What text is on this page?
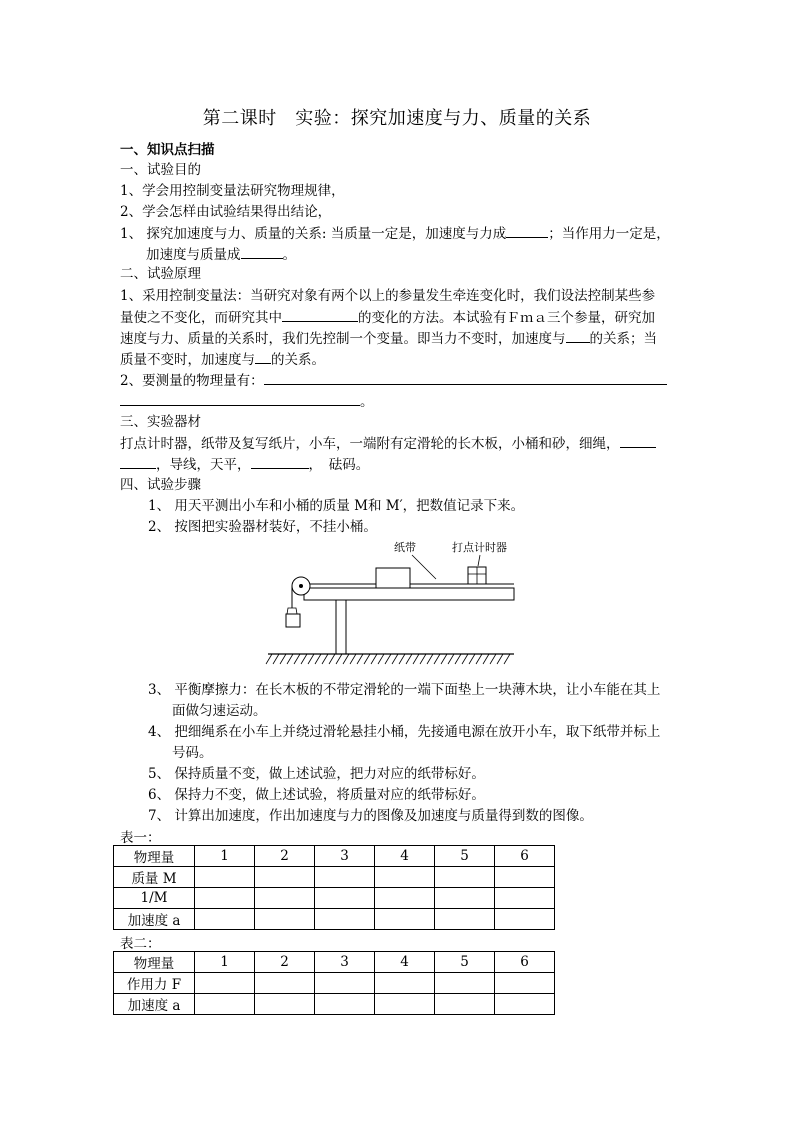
第二课时　实验：探究加速度与力、质量的关系
一、知识点扫描
一、试验目的
1、学会用控制变量法研究物理规律，
2、学会怎样由试验结果得出结论，
1、 探究加速度与力、质量的关系: 当质量一定是，加速度与力成	；当作用力一定是，
加速度与质量成	。
二、试验原理
1、采用控制变量法：当研究对象有两个以上的参量发生牵连变化时，我们设法控制某些参
量使之不变化，而研究其中	的变化的方法。本试验有Ｆｍａ三个参量，研究加
速度与力、质量的关系时，我们先控制一个变量。即当力不变时，加速度与 的关系；当
质量不变时，加速度与 的关系。
2、要测量的物理量有：
。
三、实验器材
打点计时器，纸带及复写纸片，小车，一端附有定滑轮的长木板，小桶和砂，细绳，
，导线，天平，	，　砝码。
四、试验步骤
1、 用天平测出小车和小桶的质量 M和 M′，把数值记录下来。
2、 按图把实验器材装好，不挂小桶。
纸带	打点计时器
3、 平衡摩擦力：在长木板的不带定滑轮的一端下面垫上一块薄木块，让小车能在其上
面做匀速运动。
4、 把细绳系在小车上并绕过滑轮悬挂小桶，先接通电源在放开小车，取下纸带并标上
号码。
5、 保持质量不变，做上述试验，把力对应的纸带标好。
6、 保持力不变，做上述试验，将质量对应的纸带标好。
7、 计算出加速度，作出加速度与力的图像及加速度与质量得到数的图像。
表一：
物理量	1	2	3	4	5	6
质量 M						
1/M						
加速度 a						
表二：
物理量	1	2	3	4	5	6
作用力 F						
加速度 a						
